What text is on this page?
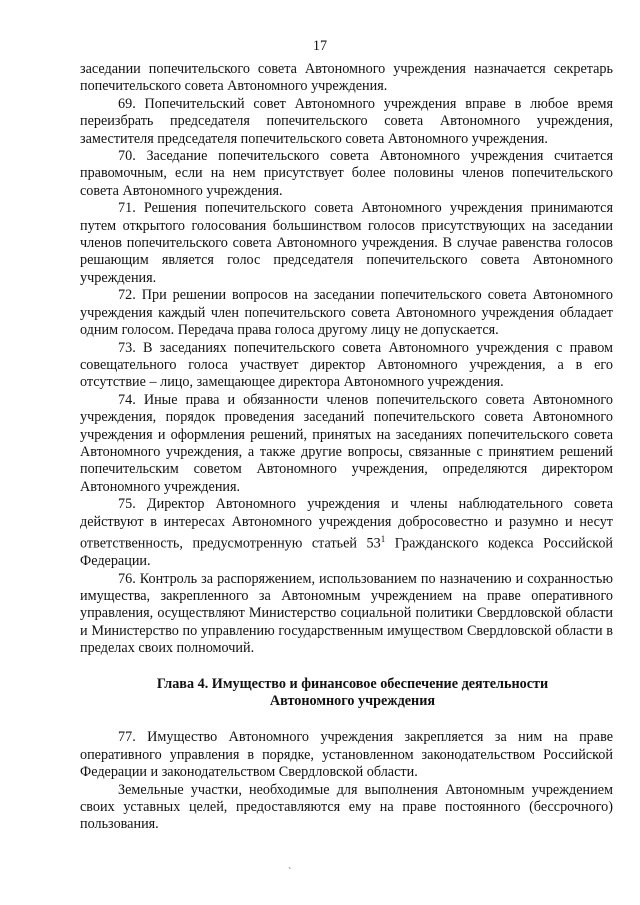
17

заседании попечительского совета Автономного учреждения назначается секретарь попечительского совета Автономного учреждения.

69. Попечительский совет Автономного учреждения вправе в любое время переизбрать председателя попечительского совета Автономного учреждения, заместителя председателя попечительского совета Автономного учреждения.

70. Заседание попечительского совета Автономного учреждения считается правомочным, если на нем присутствует более половины членов попечительского совета Автономного учреждения.

71. Решения попечительского совета Автономного учреждения принимаются путем открытого голосования большинством голосов присутствующих на заседании членов попечительского совета Автономного учреждения. В случае равенства голосов решающим является голос председателя попечительского совета Автономного учреждения.

72. При решении вопросов на заседании попечительского совета Автономного учреждения каждый член попечительского совета Автономного учреждения обладает одним голосом. Передача права голоса другому лицу не допускается.

73. В заседаниях попечительского совета Автономного учреждения с правом совещательного голоса участвует директор Автономного учреждения, а в его отсутствие – лицо, замещающее директора Автономного учреждения.

74. Иные права и обязанности членов попечительского совета Автономного учреждения, порядок проведения заседаний попечительского совета Автономного учреждения и оформления решений, принятых на заседаниях попечительского совета Автономного учреждения, а также другие вопросы, связанные с принятием решений попечительским советом Автономного учреждения, определяются директором Автономного учреждения.

75. Директор Автономного учреждения и члены наблюдательного совета действуют в интересах Автономного учреждения добросовестно и разумно и несут ответственность, предусмотренную статьей $53^1$ Гражданского кодекса Российской Федерации.

76. Контроль за распоряжением, использованием по назначению и сохранностью имущества, закрепленного за Автономным учреждением на праве оперативного управления, осуществляют Министерство социальной политики Свердловской области и Министерство по управлению государственным имуществом Свердловской области в пределах своих полномочий.

Глава 4. Имущество и финансовое обеспечение деятельности

Автономного учреждения

77. Имущество Автономного учреждения закрепляется за ним на праве оперативного управления в порядке, установленном законодательством Российской Федерации и законодательством Свердловской области.

Земельные участки, необходимые для выполнения Автономным учреждением своих уставных целей, предоставляются ему на праве постоянного (бессрочного) пользования.

`
